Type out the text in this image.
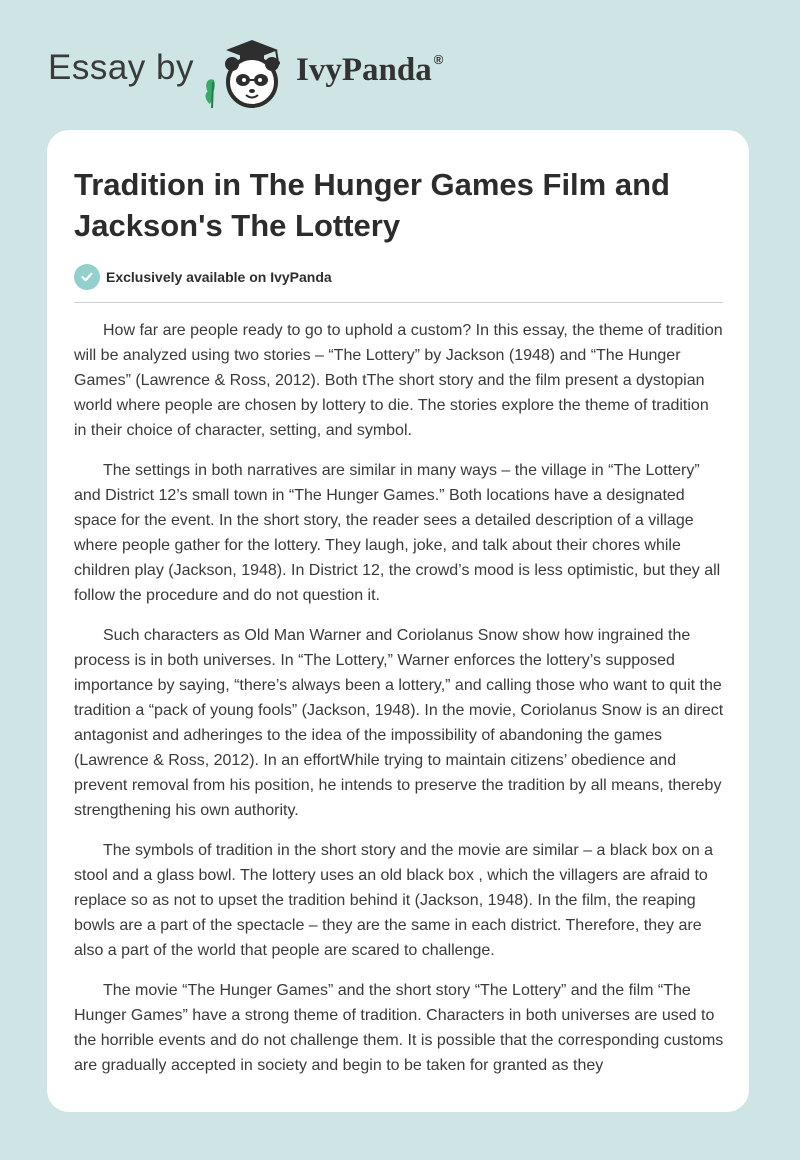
Essay by	IvyPanda ®
Tradition in The Hunger Games Film and Jackson's The Lottery
Exclusively available on IvyPanda

How far are people ready to go to uphold a custom? In this essay, the theme of tradition will be analyzed using two stories – “The Lottery” by Jackson (1948) and “The Hunger Games” (Lawrence & Ross, 2012). Both tThe short story and the film present a dystopian world where people are chosen by lottery to die. The stories explore the theme of tradition in their choice of character, setting, and symbol.

The settings in both narratives are similar in many ways – the village in “The Lottery” and District 12’s small town in “The Hunger Games.” Both locations have a designated space for the event. In the short story, the reader sees a detailed description of a village where people gather for the lottery. They laugh, joke, and talk about their chores while children play (Jackson, 1948). In District 12, the crowd’s mood is less optimistic, but they all follow the procedure and do not question it.

Such characters as Old Man Warner and Coriolanus Snow show how ingrained the process is in both universes. In “The Lottery,” Warner enforces the lottery’s supposed importance by saying, “there’s always been a lottery,” and calling those who want to quit the tradition a “pack of young fools” (Jackson, 1948). In the movie, Coriolanus Snow is an direct antagonist and adheringes to the idea of the impossibility of abandoning the games (Lawrence & Ross, 2012). In an effortWhile trying to maintain citizens’ obedience and prevent removal from his position, he intends to preserve the tradition by all means, thereby strengthening his own authority.

The symbols of tradition in the short story and the movie are similar – a black box on a stool and a glass bowl. The lottery uses an old black box , which the villagers are afraid to replace so as not to upset the tradition behind it (Jackson, 1948). In the film, the reaping bowls are a part of the spectacle – they are the same in each district. Therefore, they are also a part of the world that people are scared to challenge.

The movie “The Hunger Games” and the short story “The Lottery” and the film “The Hunger Games” have a strong theme of tradition. Characters in both universes are used to the horrible events and do not challenge them. It is possible that the corresponding customs are gradually accepted in society and begin to be taken for granted as they
